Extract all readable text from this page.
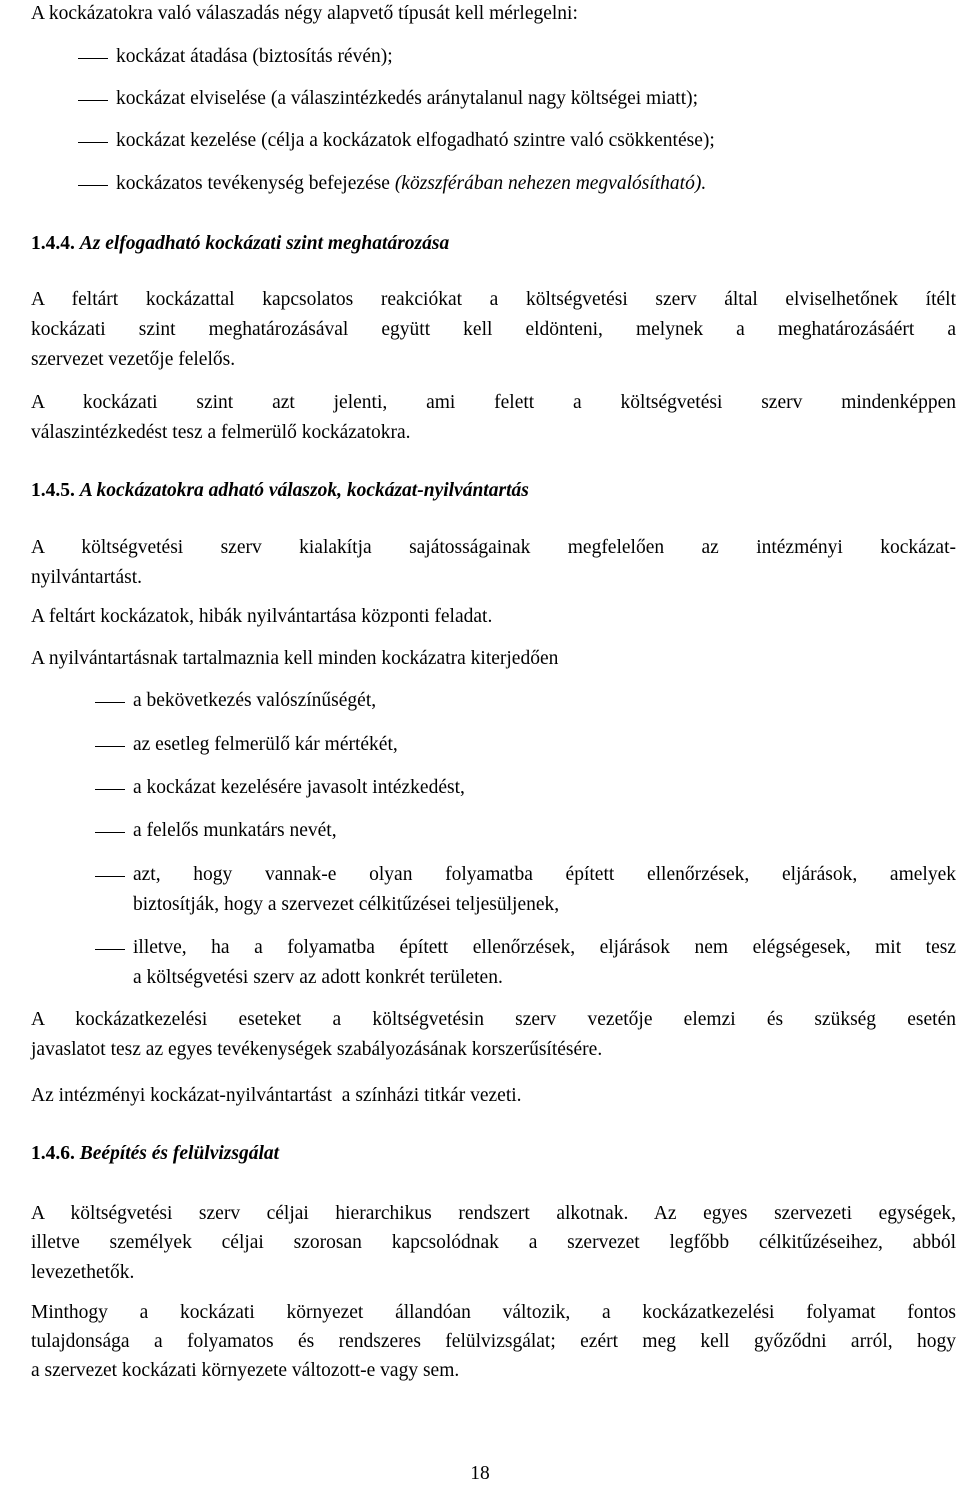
A kockázatokra való válaszadás négy alapvető típusát kell mérlegelni:
kockázat átadása (biztosítás révén);
kockázat elviselése (a válaszintézkedés aránytalanul nagy költségei miatt);
kockázat kezelése (célja a kockázatok elfogadható szintre való csökkentése);
kockázatos tevékenység befejezése (közszférában nehezen megvalósítható).
1.4.4. Az elfogadható kockázati szint meghatározása
A feltárt kockázattal kapcsolatos reakciókat a költségvetési szerv által elviselhetőnek ítélt
kockázati szint meghatározásával együtt kell eldönteni, melynek a meghatározásáért a
szervezet vezetője felelős.
A kockázati szint azt jelenti, ami felett a költségvetési szerv mindenképpen
válaszintézkedést tesz a felmerülő kockázatokra.
1.4.5. A kockázatokra adható válaszok, kockázat-nyilvántartás
A költségvetési szerv kialakítja sajátosságainak megfelelően az intézményi kockázat-
nyilvántartást.
A feltárt kockázatok, hibák nyilvántartása központi feladat.
A nyilvántartásnak tartalmaznia kell minden kockázatra kiterjedően
a bekövetkezés valószínűségét,
az esetleg felmerülő kár mértékét,
a kockázat kezelésére javasolt intézkedést,
a felelős munkatárs nevét,
azt, hogy vannak-e olyan folyamatba épített ellenőrzések, eljárások, amelyek
biztosítják, hogy a szervezet célkitűzései teljesüljenek,
illetve, ha a folyamatba épített ellenőrzések, eljárások nem elégségesek, mit tesz
a költségvetési szerv az adott konkrét területen.
A kockázatkezelési eseteket a költségvetésin szerv vezetője elemzi és szükség esetén
javaslatot tesz az egyes tevékenységek szabályozásának korszerűsítésére.
Az intézményi kockázat-nyilvántartást  a színházi titkár vezeti.
1.4.6. Beépítés és felülvizsgálat
A költségvetési szerv céljai hierarchikus rendszert alkotnak. Az egyes szervezeti egységek,
illetve személyek céljai szorosan kapcsolódnak a szervezet legfőbb célkitűzéseihez, abból
levezethetők.
Minthogy a kockázati környezet állandóan változik, a kockázatkezelési folyamat fontos
tulajdonsága a folyamatos és rendszeres felülvizsgálat; ezért meg kell győződni arról, hogy
a szervezet kockázati környezete változott-e vagy sem.
18
